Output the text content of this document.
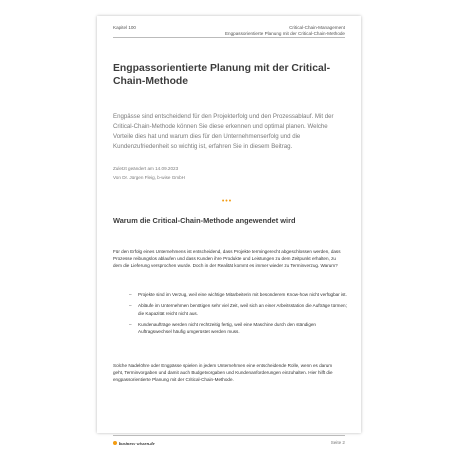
Kapitel 100	Critical-Chain-Management
Engpassorientierte Planung mit der Critical-Chain-Methode
Engpassorientierte Planung mit der Critical-Chain-Methode

Engpässe sind entscheidend für den Projekterfolg und den Prozessablauf. Mit der Critical-Chain-Methode können Sie diese erkennen und optimal planen. Welche Vorteile dies hat und warum dies für den Unternehmenserfolg und die Kundenzufriedenheit so wichtig ist, erfahren Sie in diesem Beitrag.

Zuletzt geändert am 14.09.2023
Von Dr. Jürgen Fleig, b-wise GmbH
•••
Warum die Critical-Chain-Methode angewendet wird

Für den Erfolg eines Unternehmens ist entscheidend, dass Projekte termingerecht abgeschlossen werden, dass Prozesse reibungslos ablaufen und dass Kunden ihre Produkte und Leistungen zu dem Zeitpunkt erhalten, zu dem die Lieferung versprochen wurde. Doch in der Realität kommt es immer wieder zu Terminverzug. Warum?

– Projekte sind im Verzug, weil eine wichtige Mitarbeiterin mit besonderem Know-how nicht verfügbar ist.
– Abläufe im Unternehmen benötigen sehr viel Zeit, weil sich an einer Arbeitsstation die Aufträge türmen; die Kapazität reicht nicht aus.
– Kundenaufträge werden nicht rechtzeitig fertig, weil eine Maschine durch den ständigen Auftragswechsel häufig umgerüstet werden muss.

Solche Nadelöhre oder Engpässe spielen in jedem Unternehmen eine entscheidende Rolle, wenn es darum geht, Terminvorgaben und damit auch Budgetvorgaben und Kundenanforderungen einzuhalten. Hier hilft die engpassorientierte Planung mit der Critical-Chain-Methode.

business-wissen.de	Seite 2
